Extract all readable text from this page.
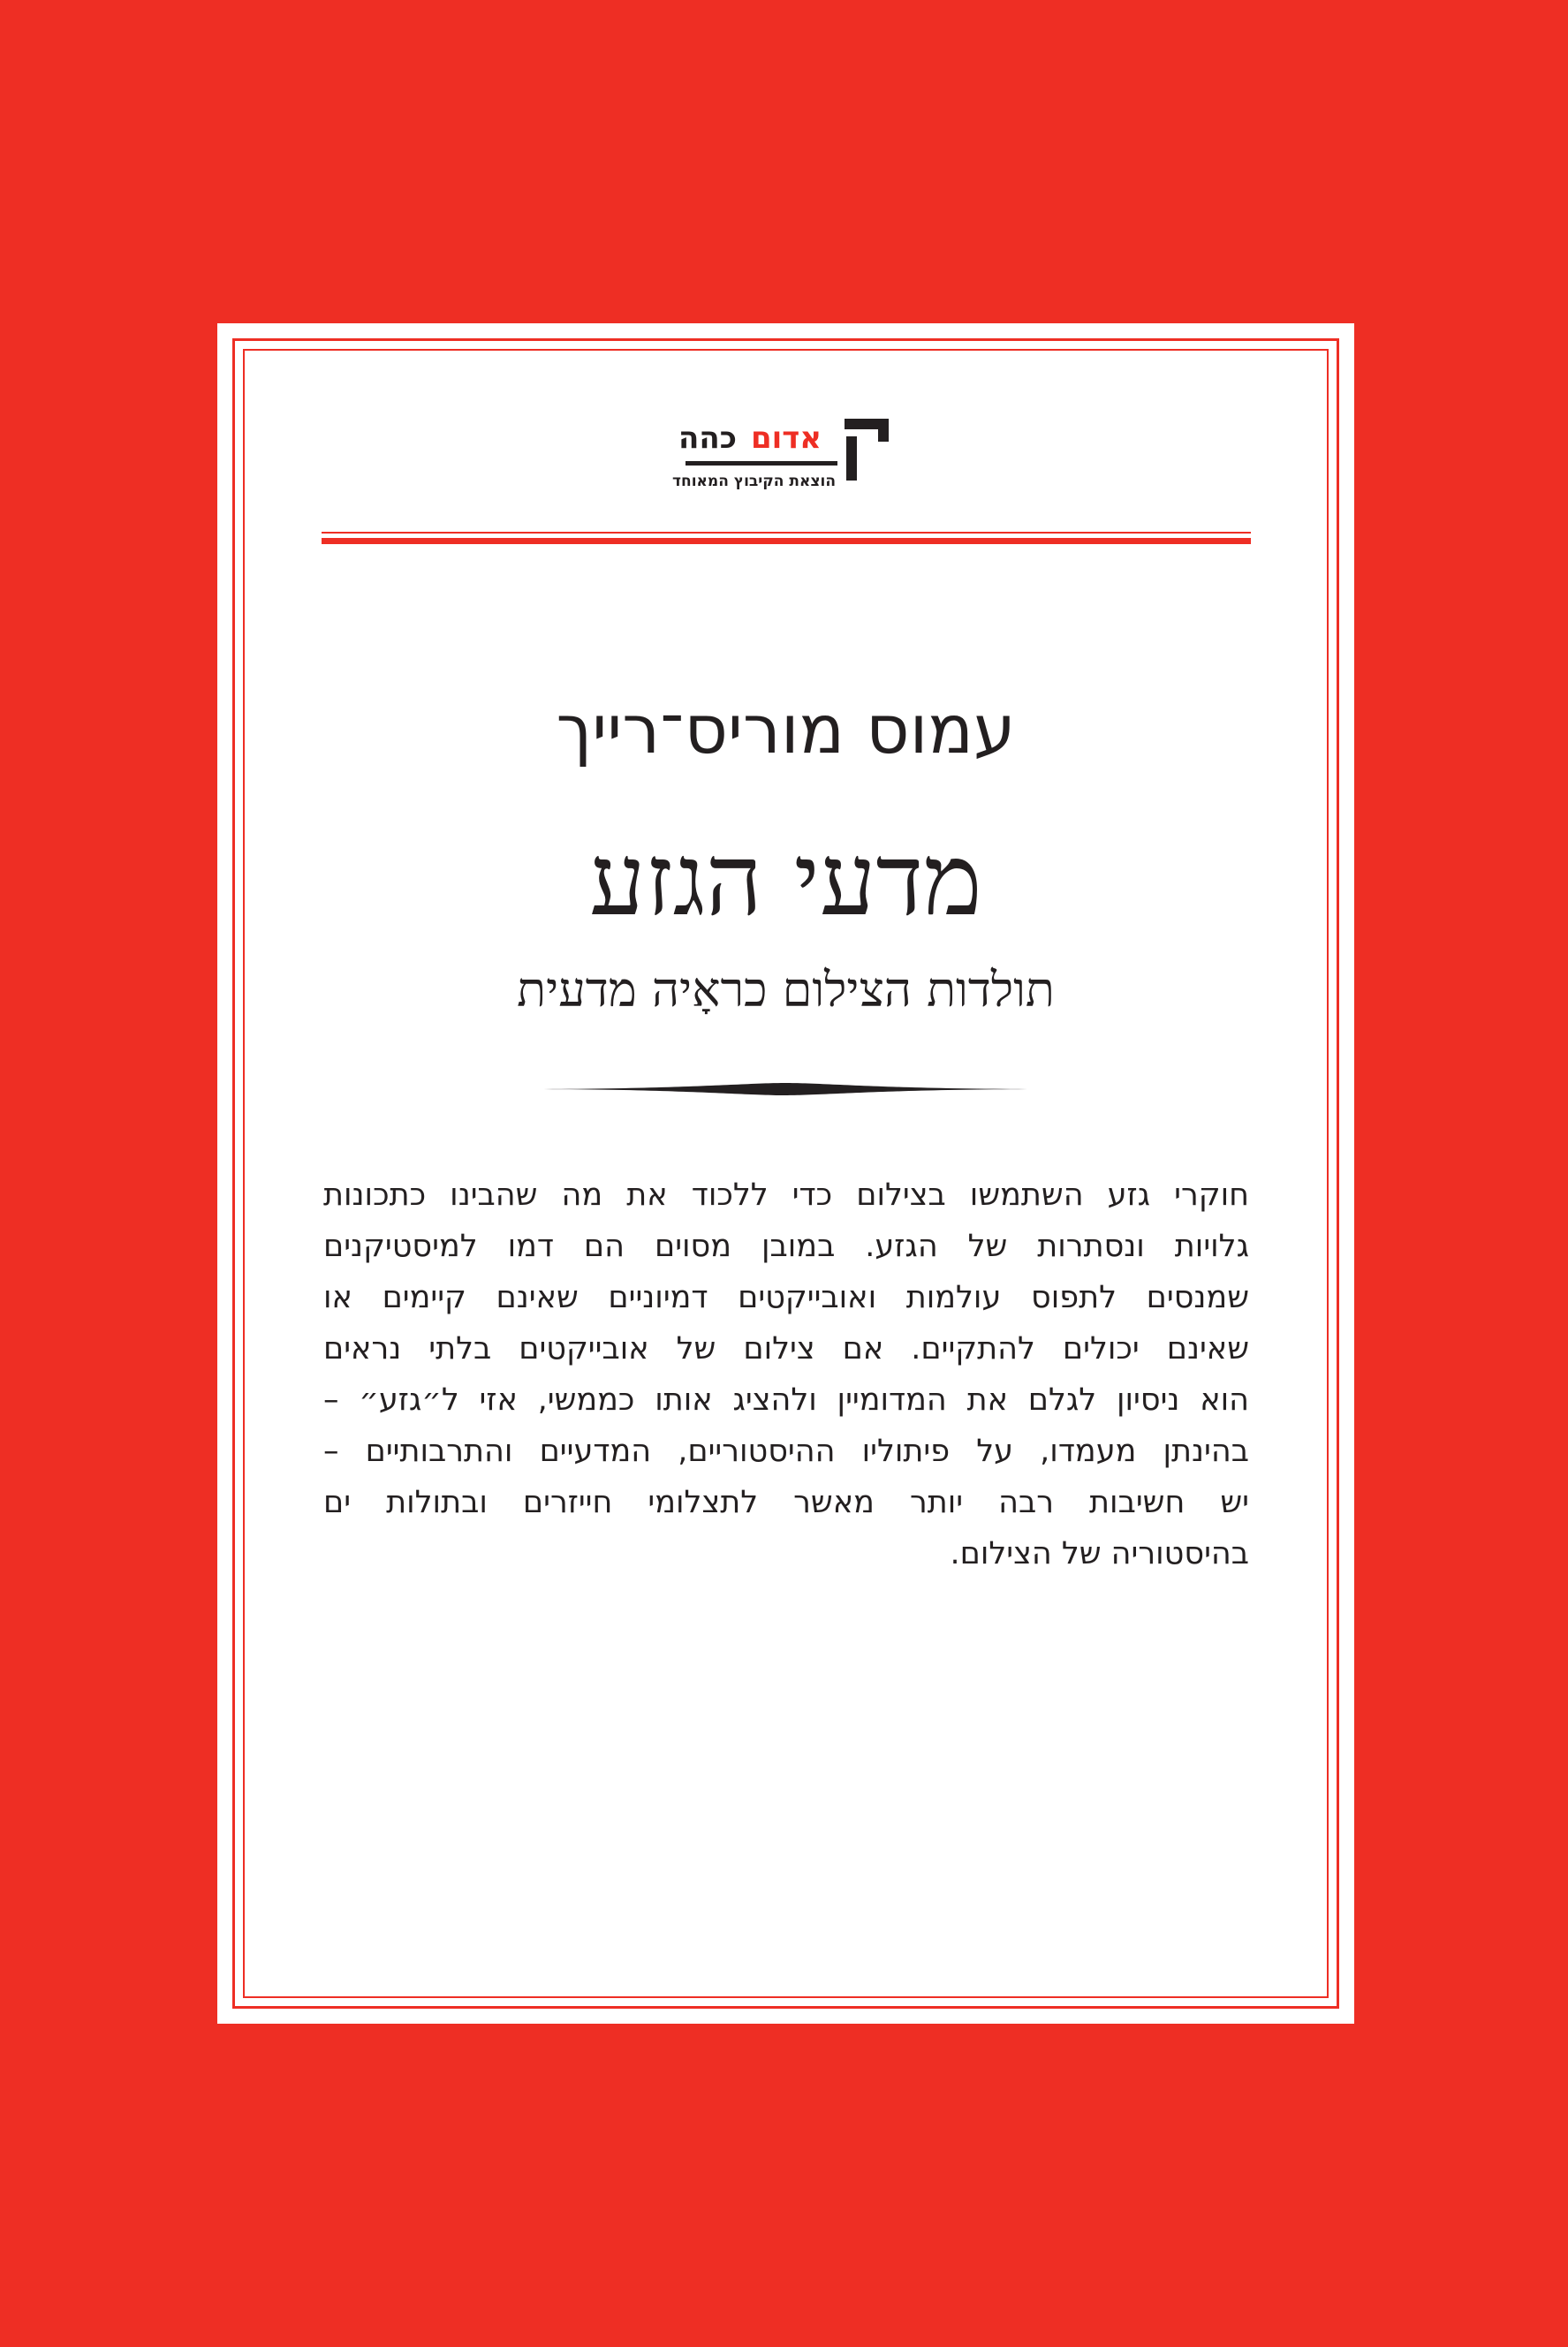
אדום
כהה
הוצאת הקיבוץ המאוחד
עמוס מוריס־רייך
מדעי הגזע
תולדות הצילום כראָיה מדעית
חוקרי גזע השתמשו בצילום כדי ללכוד את מה שהבינו כתכונות
גלויות ונסתרות של הגזע. במובן מסוים הם דמו למיסטיקנים
שמנסים לתפוס עולמות ואובייקטים דמיוניים שאינם קיימים או
שאינם יכולים להתקיים. אם צילום של אובייקטים בלתי נראים
הוא ניסיון לגלם את המדומיין ולהציג אותו כממשי, אזי ל״גזע״ –
בהינתן מעמדו, על פיתוליו ההיסטוריים, המדעיים והתרבותיים –
יש חשיבות רבה יותר מאשר לתצלומי חייזרים ובתולות ים
בהיסטוריה של הצילום.
